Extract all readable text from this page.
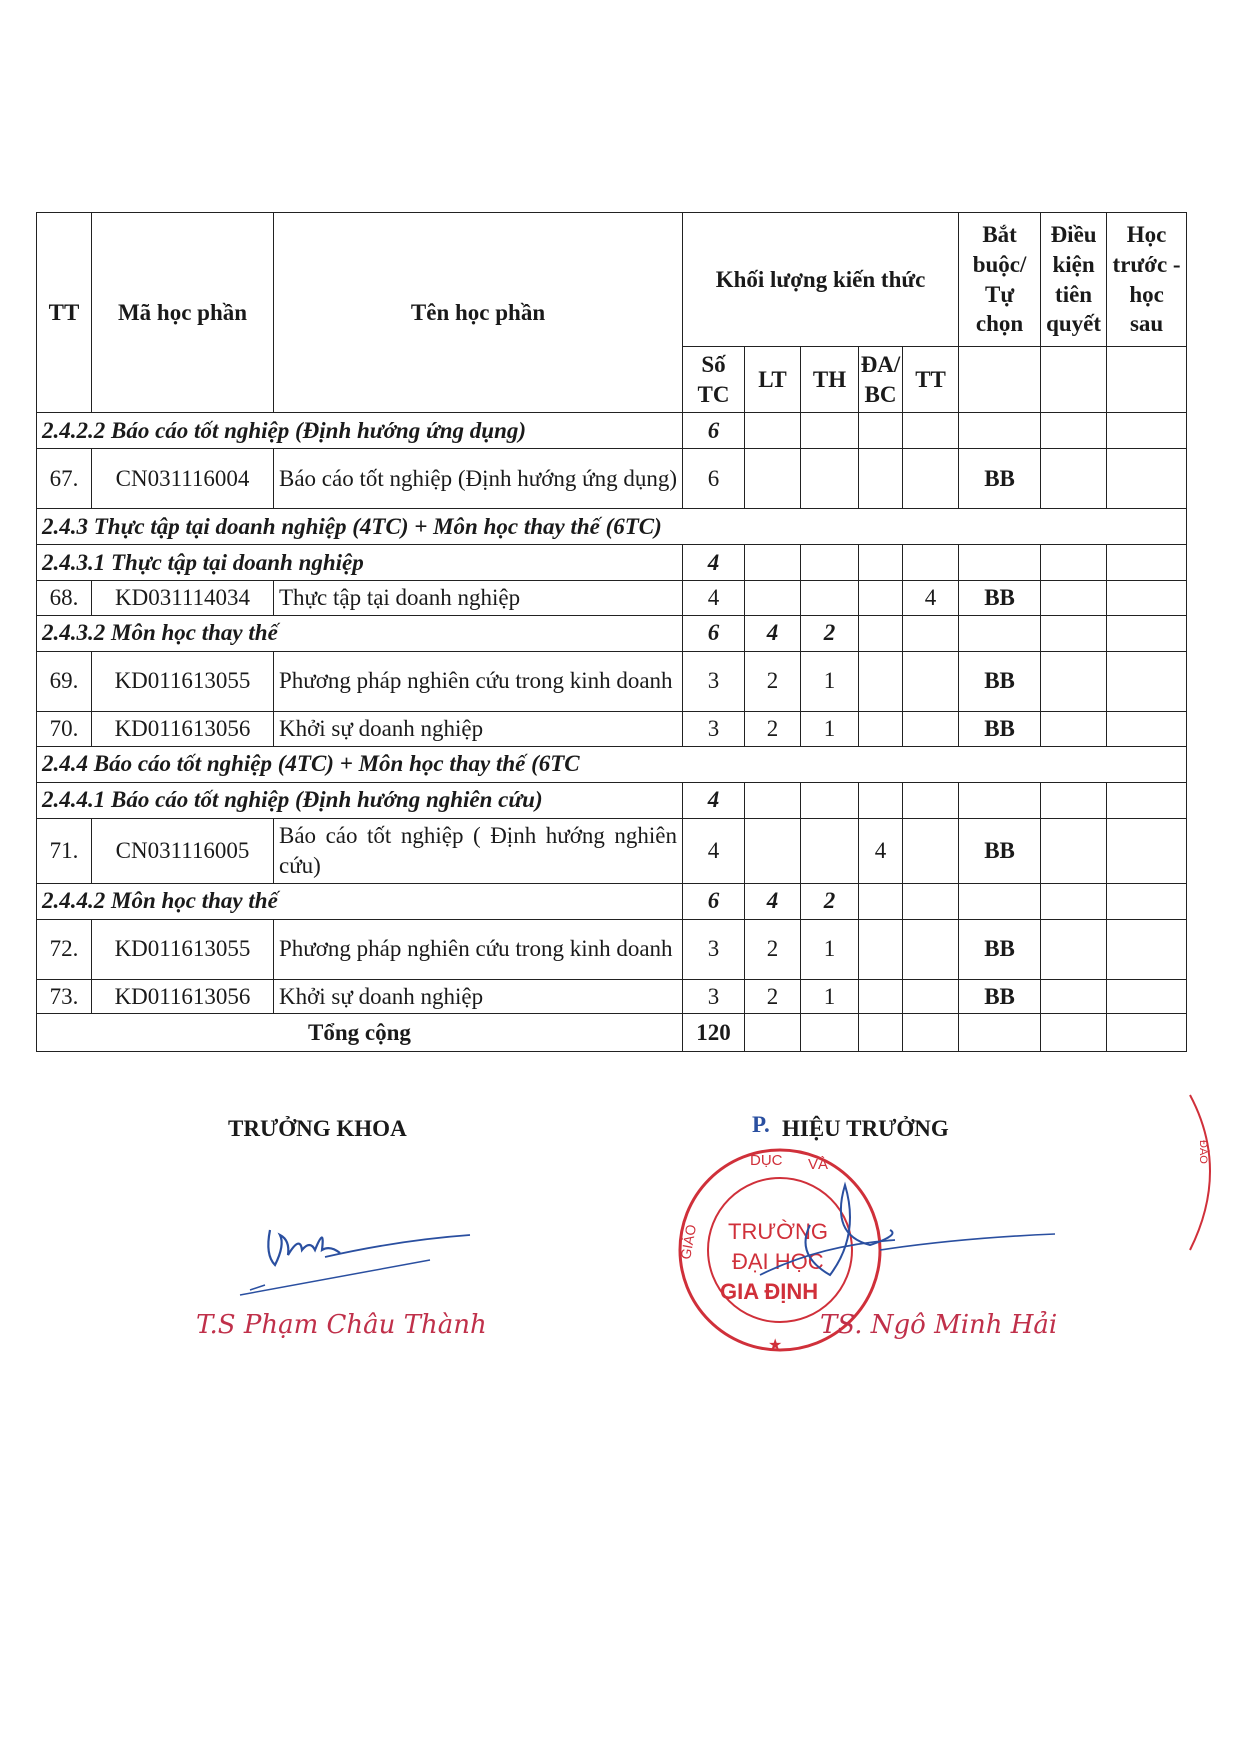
TT	Mã học phần	Tên học phần	Khối lượng kiến thức					Bắt buộc/ Tự chọn	Điều kiện tiên quyết	Học trước - học sau
			Số TC	LT	TH	ĐA/ BC	TT			
2.4.2.2 Báo cáo tốt nghiệp (Định hướng ứng dụng)			6							
67.	CN031116004	Báo cáo tốt nghiệp (Định hướng ứng dụng)	6					BB		
2.4.3 Thực tập tại doanh nghiệp (4TC) + Môn học thay thế (6TC)										
2.4.3.1 Thực tập tại doanh nghiệp			4							
68.	KD031114034	Thực tập tại doanh nghiệp	4				4	BB		
2.4.3.2 Môn học thay thế			6	4	2					
69.	KD011613055	Phương pháp nghiên cứu trong kinh doanh	3	2	1			BB		
70.	KD011613056	Khởi sự doanh nghiệp	3	2	1			BB		
2.4.4 Báo cáo tốt nghiệp (4TC) + Môn học thay thế (6TC										
2.4.4.1 Báo cáo tốt nghiệp (Định hướng nghiên cứu)			4							
71.	CN031116005	Báo cáo tốt nghiệp ( Định hướng nghiên cứu)	4			4		BB		
2.4.4.2 Môn học thay thế			6	4	2					
72.	KD011613055	Phương pháp nghiên cứu trong kinh doanh	3	2	1			BB		
73.	KD011613056	Khởi sự doanh nghiệp	3	2	1			BB		
Tổng cộng			120							
TRƯỞNG KHOA
T.S Phạm Châu Thành
P. HIỆU TRƯỞNG
DỤC VÀ
GIÁO
★
TRƯỜNG
ĐẠI HỌC
GIA ĐỊNH
TS. Ngô Minh Hải
ĐÀO
